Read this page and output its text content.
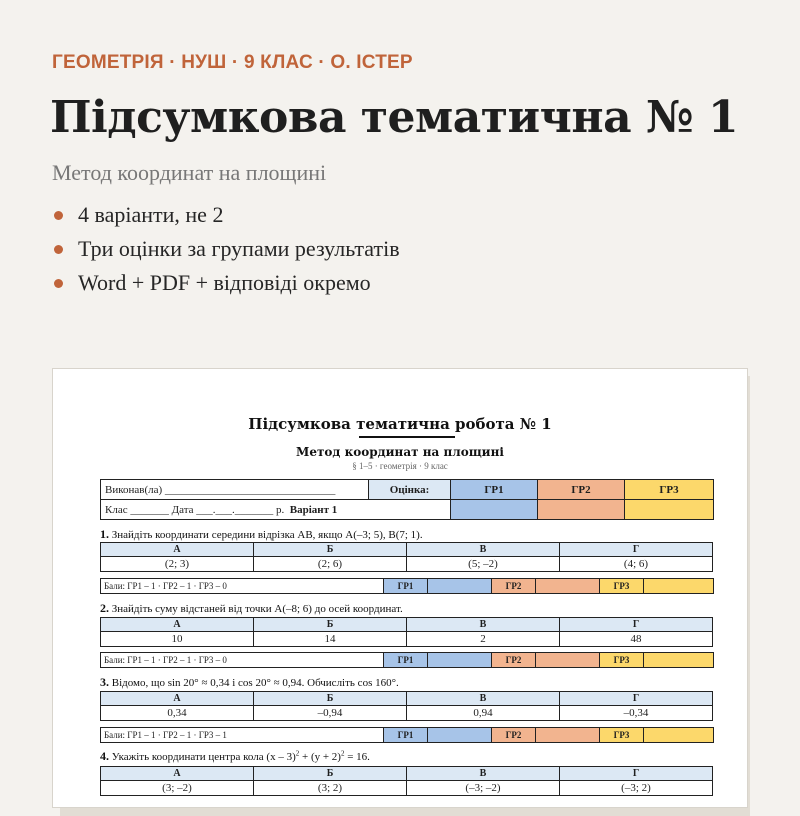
ГЕОМЕТРІЯ · НУШ · 9 КЛАС · О. ІСТЕР
Підсумкова тематична № 1
Метод координат на площині
4 варіанти, не 2
Три оцінки за групами результатів
Word + PDF + відповіді окремо
Підсумкова тематична робота № 1
Метод координат на площині
§ 1–5 · геометрія · 9 клас
Виконав(ла) _______________________________	Оцінка:	ГР1	ГР2	ГР3
Клас _______ Дата ___.___._______ р. Варіант 1				
1. Знайдіть координати середини відрізка AB, якщо A(–3; 5), B(7; 1).
А	Б	В	Г
(2; 3)	(2; 6)	(5; –2)	(4; 6)
Бали: ГР1 – 1 · ГР2 – 1 · ГР3 – 0	ГР1		ГР2		ГР3	
2. Знайдіть суму відстаней від точки A(–8; 6) до осей координат.
А	Б	В	Г
10	14	2	48
Бали: ГР1 – 1 · ГР2 – 1 · ГР3 – 0	ГР1		ГР2		ГР3	
3. Відомо, що sin 20° ≈ 0,34 і cos 20° ≈ 0,94. Обчисліть cos 160°.
А	Б	В	Г
0,34	–0,94	0,94	–0,34
Бали: ГР1 – 1 · ГР2 – 1 · ГР3 – 1	ГР1		ГР2		ГР3	
4. Укажіть координати центра кола $(x - 3)^2 + (y + 2)^2 = 16$.
А	Б	В	Г
(3; –2)	(3; 2)	(–3; –2)	(–3; 2)
